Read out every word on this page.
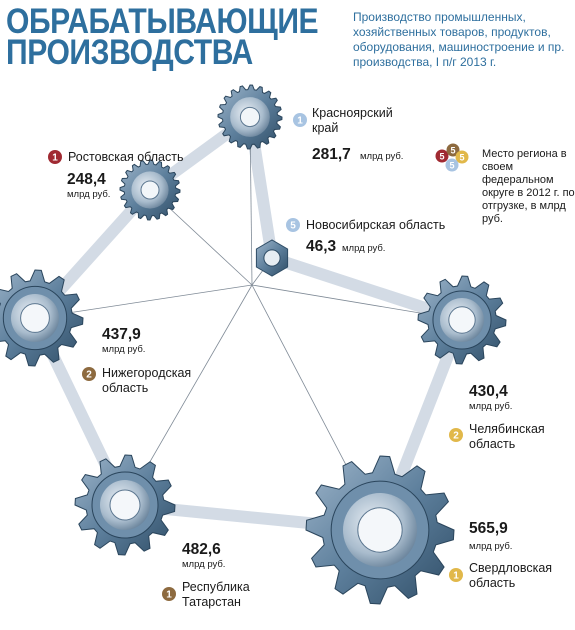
1
2
1
1
2
1
5
5
5
5
5
ОБРАБАТЫВАЮЩИЕ
ПРОИЗВОДСТВА
Производство промышленных, хозяйственных товаров, продуктов, оборудования, машиностроение и пр. производства, I п/г 2013 г.
Красноярский край
281,7 млрд руб.
Ростовская область
248,4
млрд руб.
Новосибирская область
46,3 млрд руб.
437,9
млрд руб.
Нижегородская область	430,4
млрд руб.
Челябинская область
482,6
млрд руб.
Республика Татарстан
565,9
млрд руб.
Свердловская область
Место региона в своем федеральном округе в 2012 г. по отгрузке, в млрд руб.
